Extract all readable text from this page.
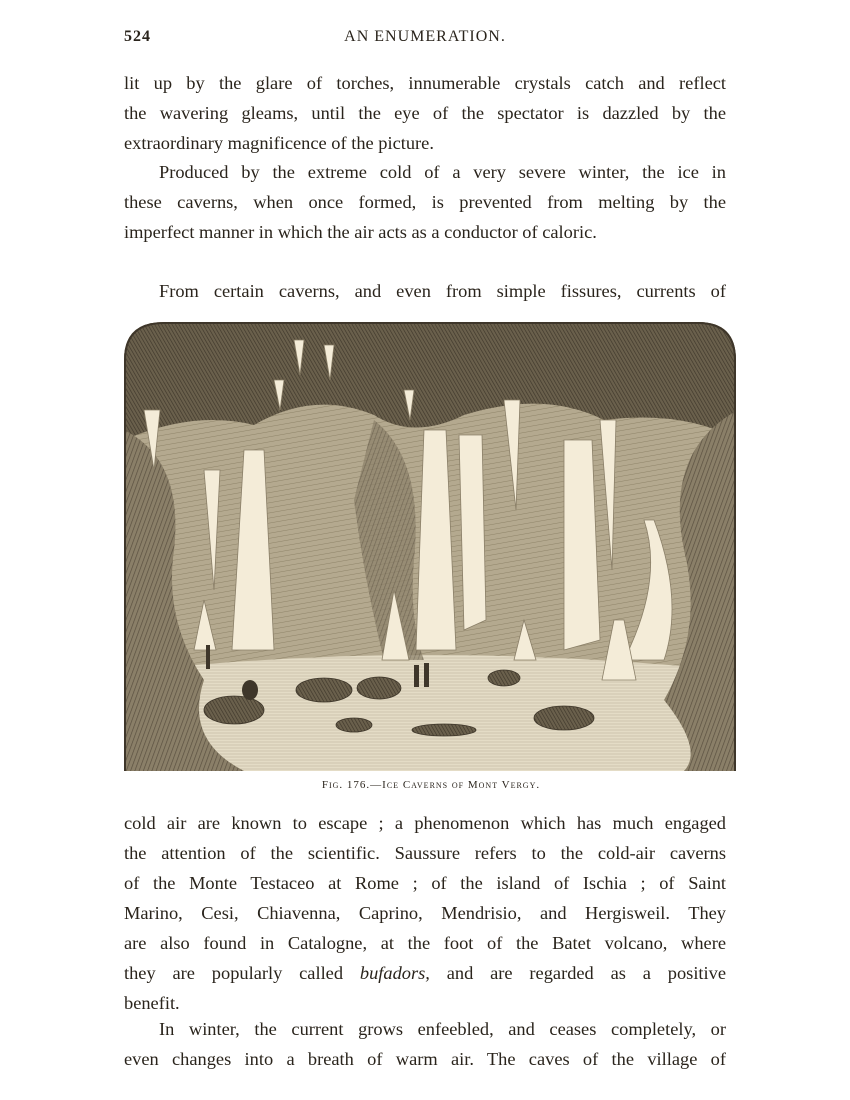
524	AN ENUMERATION.

lit up by the glare of torches, innumerable crystals catch and reflect
the wavering gleams, until the eye of the spectator is dazzled by the
extraordinary magnificence of the picture.

Produced by the extreme cold of a very severe winter, the ice in
these caverns, when once formed, is prevented from melting by the
imperfect manner in which the air acts as a conductor of caloric.

From certain caverns, and even from simple fissures, currents of

Fig. 176.—Ice Caverns of Mont Vergy.

cold air are known to escape ; a phenomenon which has much engaged
the attention of the scientific. Saussure refers to the cold-air caverns
of the Monte Testaceo at Rome ; of the island of Ischia ; of Saint
Marino, Cesi, Chiavenna, Caprino, Mendrisio, and Hergisweil. They
are also found in Catalogne, at the foot of the Batet volcano, where
they are popularly called bufadors, and are regarded as a positive
benefit.

In winter, the current grows enfeebled, and ceases completely, or
even changes into a breath of warm air. The caves of the village of
